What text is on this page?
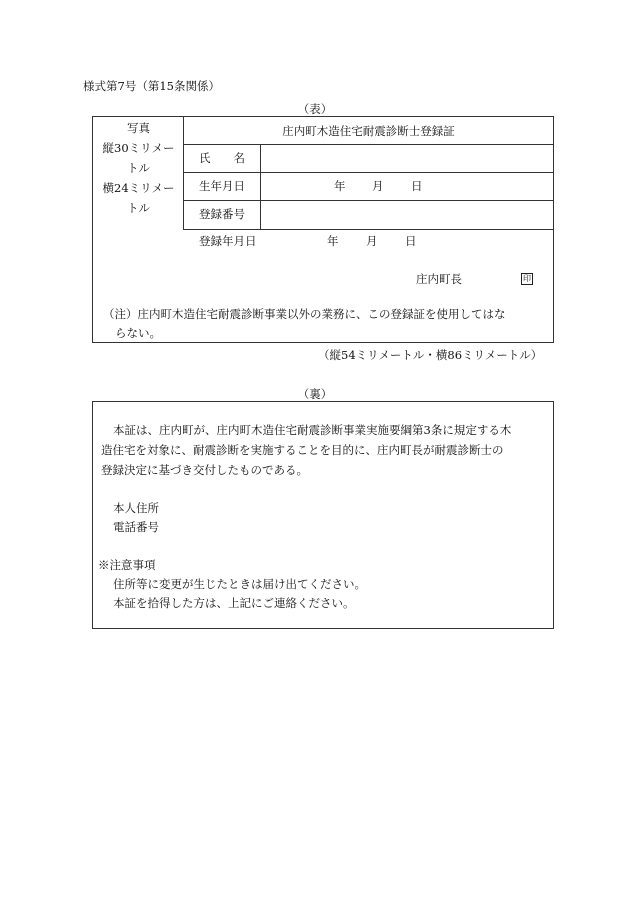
様式第7号（第15条関係）
（表）
写真
縦30ミリメー
トル
横24ミリメー
トル
庄内町木造住宅耐震診断士登録証
氏　　名
生年月日	年 月 日
登録番号
登録年月日	年 月 日
庄内町長	印
（注）庄内町木造住宅耐震診断事業以外の業務に、この登録証を使用してはな
らない。
（縦54ミリメートル・横86ミリメートル）
（裏）
本証は、庄内町が、庄内町木造住宅耐震診断事業実施要綱第3条に規定する木
造住宅を対象に、耐震診断を実施することを目的に、庄内町長が耐震診断士の
登録決定に基づき交付したものである。
本人住所
電話番号
※注意事項
住所等に変更が生じたときは届け出てください。
本証を拾得した方は、上記にご連絡ください。
